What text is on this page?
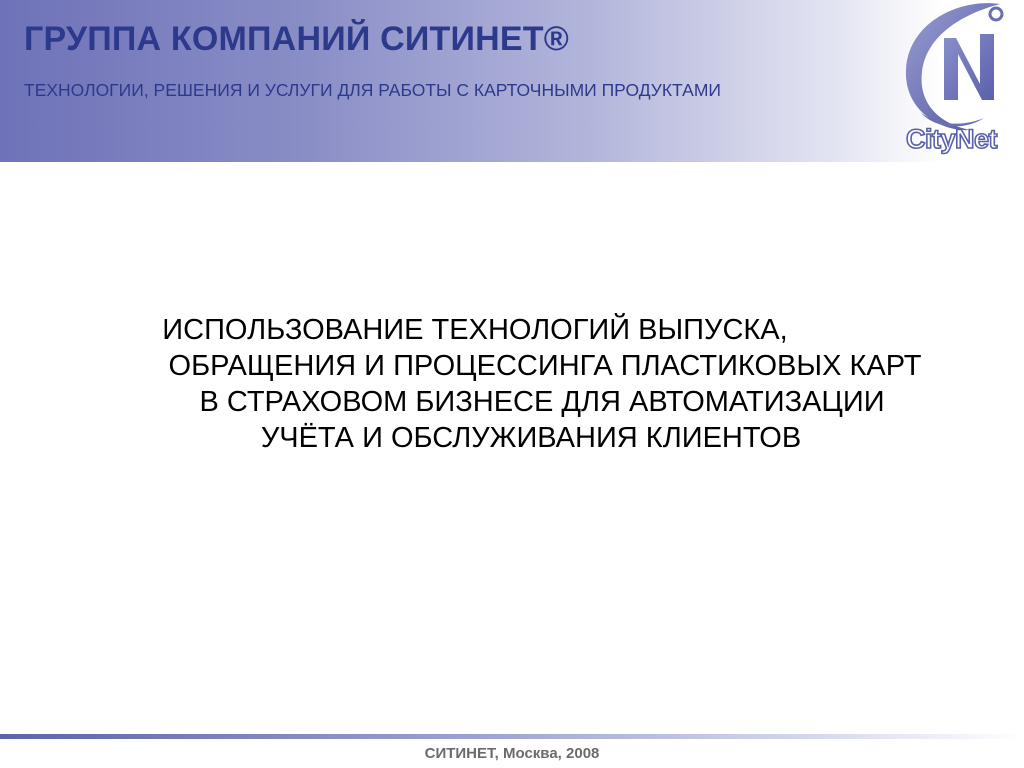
ГРУППА КОМПАНИЙ СИТИНЕТ®

ТЕХНОЛОГИИ, РЕШЕНИЯ И УСЛУГИ ДЛЯ РАБОТЫ С КАРТОЧНЫМИ ПРОДУКТАМИ

CityNet
ИСПОЛЬЗОВАНИЕ ТЕХНОЛОГИЙ ВЫПУСКА,
ОБРАЩЕНИЯ И ПРОЦЕССИНГА ПЛАСТИКОВЫХ КАРТ
В СТРАХОВОМ БИЗНЕСЕ ДЛЯ АВТОМАТИЗАЦИИ
УЧЁТА И ОБСЛУЖИВАНИЯ КЛИЕНТОВ

СИТИНЕТ, Москва, 2008
